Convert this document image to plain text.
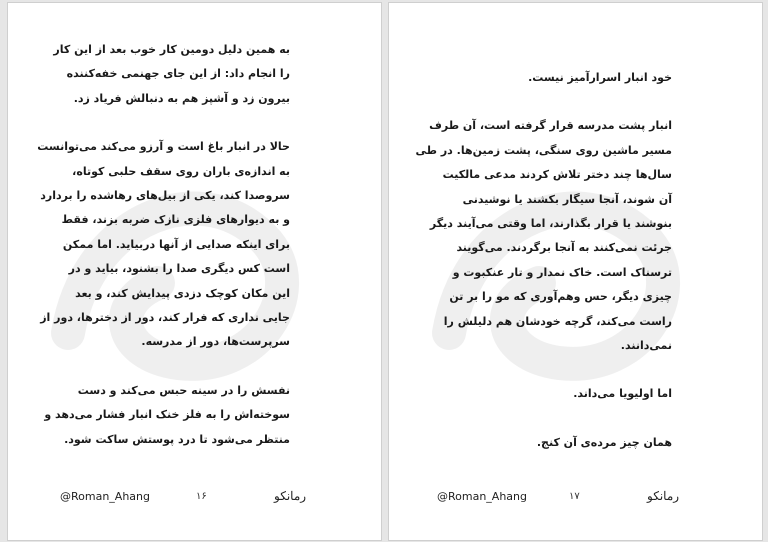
به همین دلیل دومین کار خوب بعد از این کار
را انجام داد: از این جای جهنمی خفه‌کننده
بیرون زد و آشپز هم به دنبالش فریاد زد.
حالا در انبار باغ است و آرزو می‌کند می‌توانست
به اندازه‌ی باران روی سقف حلبی کوتاه،
سروصدا کند، یکی از بیل‌های رهاشده را بردارد
و به دیوارهای فلزی نازک ضربه بزند، فقط
برای اینکه صدایی از آنها دربیاید. اما ممکن
است کس دیگری صدا را بشنود، بیاید و در
این مکان کوچک دزدی پیدایش کند، و بعد
جایی نداری که فرار کند، دور از دخترها، دور از
سرپرست‌ها، دور از مدرسه.
نفسش را در سینه حبس می‌کند و دست
سوخته‌اش را به فلز خنک انبار فشار می‌دهد و
منتظر می‌شود تا درد پوستش ساکت شود.
@Roman_Ahang	۱۶	رمانکو
خود انبار اسرارآمیز نیست.
انبار پشت مدرسه قرار گرفته است، آن طرف
مسیر ماشین روی سنگی، پشت زمین‌ها. در طی
سال‌ها چند دختر تلاش کردند مدعی مالکیت
آن شوند، آنجا سیگار بکشند یا نوشیدنی
بنوشند یا قرار بگذارند، اما وقتی می‌آیند دیگر
جرئت نمی‌کنند به آنجا برگردند. می‌گویند
ترسناک است. خاک نمدار و تار عنکبوت و
چیزی دیگر، حس وهم‌آوری که مو را بر تن
راست می‌کند، گرچه خودشان هم دلیلش را
نمی‌دانند.
اما اولیویا می‌داند.
همان چیز مرده‌ی آن کنج.
@Roman_Ahang	۱۷	رمانکو
